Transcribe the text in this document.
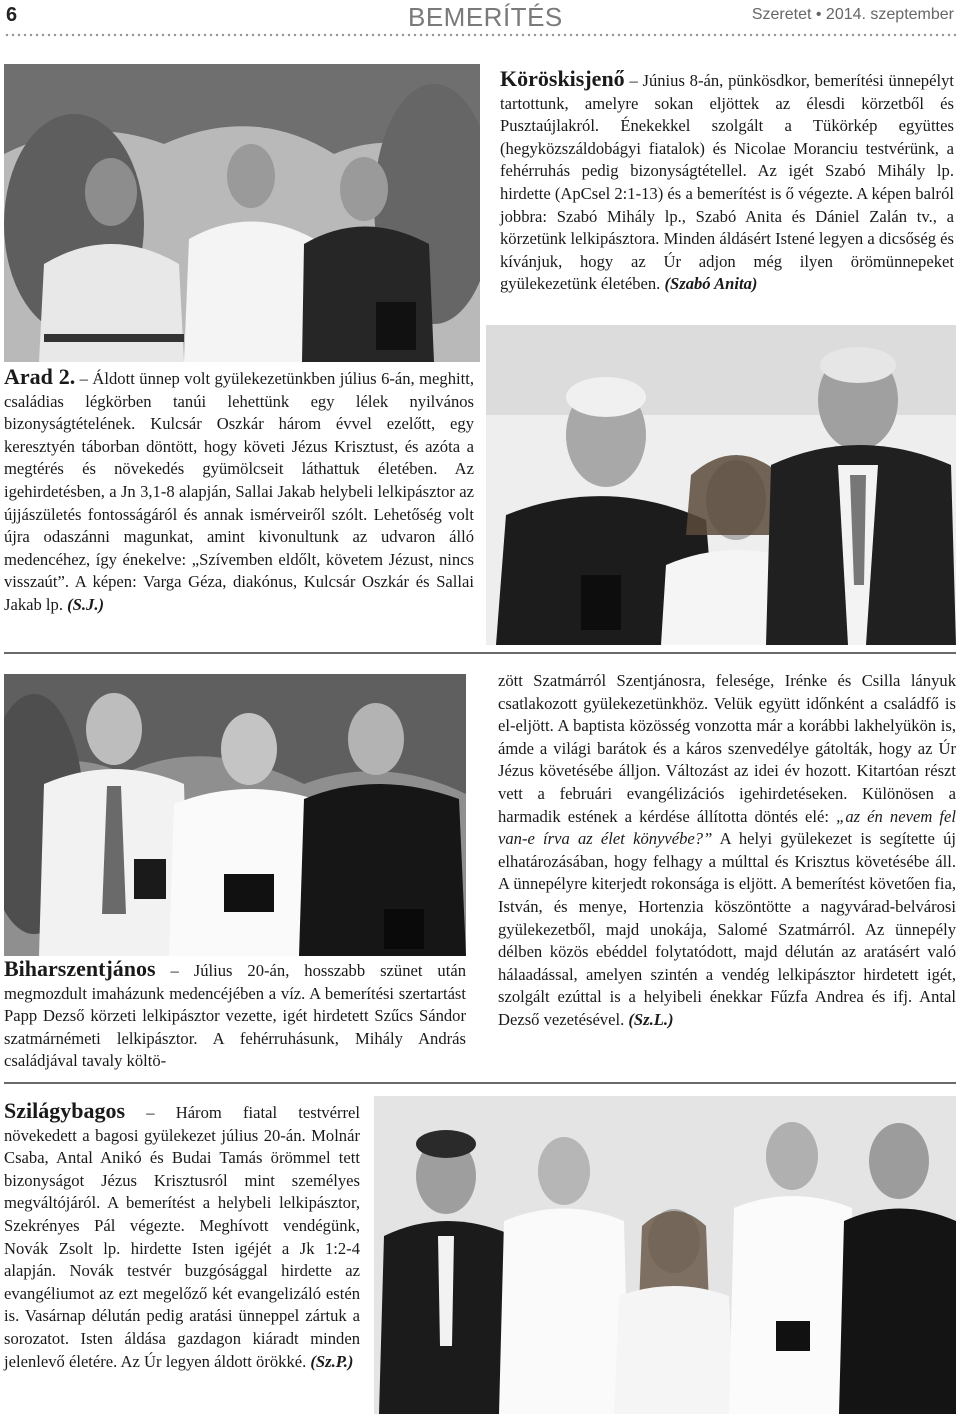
6	BEMERÍTÉS	Szeretet • 2014. szeptember

Köröskisjenő – Június 8-án, pünkösdkor, bemerítési ünnepélyt tartottunk, amelyre sokan eljöttek az élesdi körzetből és Pusztaújlakról. Énekekkel szolgált a Tükörkép együttes (hegyközszáldobágyi fiatalok) és Nicolae Moranciu testvérünk, a fehérruhás pedig bizonyságtétellel. Az igét Szabó Mihály lp. hirdette (ApCsel 2:1-13) és a bemerítést is ő végezte. A képen balról jobbra: Szabó Mihály lp., Szabó Anita és Dániel Zalán tv., a körzetünk lelkipásztora. Minden áldásért Istené legyen a dicsőség és kívánjuk, hogy az Úr adjon még ilyen örömünnepeket gyülekezetünk életében. (Szabó Anita)

Arad 2. – Áldott ünnep volt gyülekezetünkben július 6-án, meghitt, családias légkörben tanúi lehettünk egy lélek nyilvános bizonyságtételének. Kulcsár Oszkár három évvel ezelőtt, egy keresztyén táborban döntött, hogy követi Jézus Krisztust, és azóta a megtérés és növekedés gyümölcseit láthattuk életében. Az igehirdetésben, a Jn 3,1-8 alapján, Sallai Jakab helybeli lelkipásztor az újjászületés fontosságáról és annak ismérveiről szólt. Lehetőség volt újra odaszánni magunkat, amint kivonultunk az udvaron álló medencéhez, így énekelve: „Szívemben eldőlt, követem Jézust, nincs visszaút”. A képen: Varga Géza, diakónus, Kulcsár Oszkár és Sallai Jakab lp. (S.J.)

Biharszentjános – Július 20-án, hosszabb szünet után megmozdult imaházunk medencéjében a víz. A bemerítési szertartást Papp Dezső körzeti lelkipásztor vezette, igét hirdetett Szűcs Sándor szatmárnémeti lelkipásztor. A fehérruhásunk, Mihály András családjával tavaly költö-

zött Szatmárról Szentjánosra, felesége, Irénke és Csilla lányuk csatlakozott gyülekezetünkhöz. Velük együtt időnként a családfő is el-eljött. A baptista közösség vonzotta már a korábbi lakhelyükön is, ámde a világi barátok és a káros szenvedélye gátolták, hogy az Úr Jézus követésébe álljon. Változást az idei év hozott. Kitartóan részt vett a februári evangélizációs igehirdetéseken. Különösen a harmadik estének a kérdése állította döntés elé: „az én nevem fel van-e írva az élet könyvébe?” A helyi gyülekezet is segítette új elhatározásában, hogy felhagy a múlttal és Krisztus követésébe áll. A ünnepélyre kiterjedt rokonsága is eljött. A bemerítést követően fia, István, és menye, Hortenzia köszöntötte a nagyvárad-belvárosi gyülekezetből, majd unokája, Salomé Szatmárról. Az ünnepély délben közös ebéddel folytatódott, majd délután az aratásért való hálaadással, amelyen szintén a vendég lelkipásztor hirdetett igét, szolgált ezúttal is a helyibeli énekkar Fűzfa Andrea és ifj. Antal Dezső vezetésével. (Sz.L.)

Szilágybagos – Három fiatal testvérrel növekedett a bagosi gyülekezet július 20-án. Molnár Csaba, Antal Anikó és Budai Tamás örömmel tett bizonyságot Jézus Krisztusról mint személyes megváltójáról. A bemerítést a helybeli lelkipásztor, Szekrényes Pál végezte. Meghívott vendégünk, Novák Zsolt lp. hirdette Isten igéjét a Jk 1:2-4 alapján. Novák testvér buzgósággal hirdette az evangéliumot az ezt megelőző két evangelizáló estén is. Vasárnap délután pedig aratási ünneppel zártuk a sorozatot. Isten áldása gazdagon kiáradt minden jelenlevő életére. Az Úr legyen áldott örökké. (Sz.P.)
